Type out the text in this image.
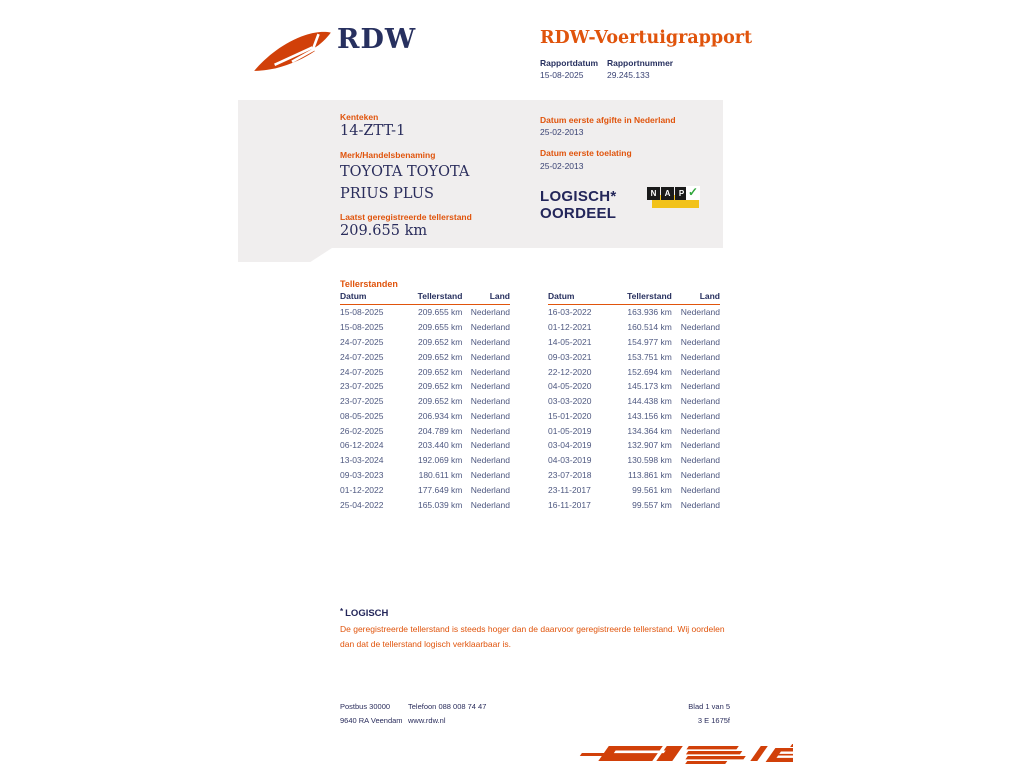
RDW	RDW-Voertuigrapport
Rapportdatum
15-08-2025
Rapportnummer
29.245.133
Kenteken
14-ZTT-1
Merk/Handelsbenaming
TOYOTA TOYOTA PRIUS PLUS
Laatst geregistreerde tellerstand
209.655 km
Datum eerste afgifte in Nederland
25-02-2013
Datum eerste toelating
25-02-2013
LOGISCH*
OORDEEL
N	A	P ✓
Tellerstanden
Datum	Tellerstand	Land
15-08-2025	209.655 km	Nederland
15-08-2025	209.655 km	Nederland
24-07-2025	209.652 km	Nederland
24-07-2025	209.652 km	Nederland
24-07-2025	209.652 km	Nederland
23-07-2025	209.652 km	Nederland
23-07-2025	209.652 km	Nederland
08-05-2025	206.934 km	Nederland
26-02-2025	204.789 km	Nederland
06-12-2024	203.440 km	Nederland
13-03-2024	192.069 km	Nederland
09-03-2023	180.611 km	Nederland
01-12-2022	177.649 km	Nederland
25-04-2022	165.039 km	Nederland
Datum	Tellerstand	Land
16-03-2022	163.936 km	Nederland
01-12-2021	160.514 km	Nederland
14-05-2021	154.977 km	Nederland
09-03-2021	153.751 km	Nederland
22-12-2020	152.694 km	Nederland
04-05-2020	145.173 km	Nederland
03-03-2020	144.438 km	Nederland
15-01-2020	143.156 km	Nederland
01-05-2019	134.364 km	Nederland
03-04-2019	132.907 km	Nederland
04-03-2019	130.598 km	Nederland
23-07-2018	113.861 km	Nederland
23-11-2017	99.561 km	Nederland
16-11-2017	99.557 km	Nederland
* LOGISCH
De geregistreerde tellerstand is steeds hoger dan de daarvoor geregistreerde tellerstand. Wij oordelen dan dat de tellerstand logisch verklaarbaar is.
Postbus 30000
9640 RA Veendam
Telefoon 088 008 74 47
www.rdw.nl
Blad 1 van 5
3 E 1675f
